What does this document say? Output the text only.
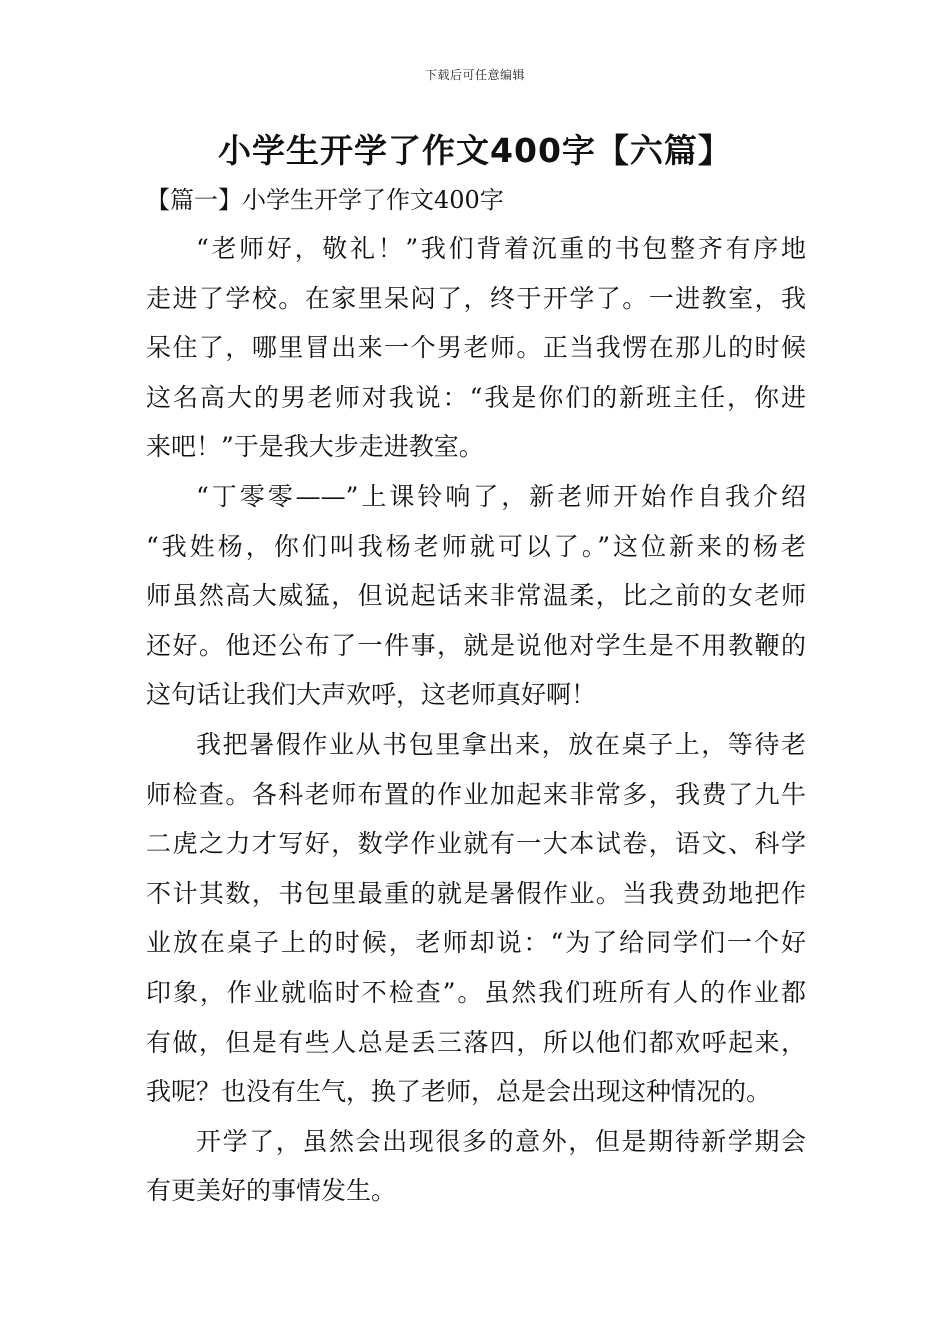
下载后可任意编辑
小学生开学了作文400字【六篇】
【篇一】小学生开学了作文400字
“老师好，敬礼！”我们背着沉重的书包整齐有序地
走进了学校。在家里呆闷了，终于开学了。一进教室，我
呆住了，哪里冒出来一个男老师。正当我愣在那儿的时候
这名高大的男老师对我说：“我是你们的新班主任，你进
来吧！”于是我大步走进教室。
“丁零零——”上课铃响了，新老师开始作自我介绍
“我姓杨，你们叫我杨老师就可以了。”这位新来的杨老
师虽然高大威猛，但说起话来非常温柔，比之前的女老师
还好。他还公布了一件事，就是说他对学生是不用教鞭的
这句话让我们大声欢呼，这老师真好啊！
我把暑假作业从书包里拿出来，放在桌子上，等待老
师检查。各科老师布置的作业加起来非常多，我费了九牛
二虎之力才写好，数学作业就有一大本试卷，语文、科学
不计其数，书包里最重的就是暑假作业。当我费劲地把作
业放在桌子上的时候，老师却说：“为了给同学们一个好
印象，作业就临时不检查”。虽然我们班所有人的作业都
有做，但是有些人总是丢三落四，所以他们都欢呼起来，
我呢？也没有生气，换了老师，总是会出现这种情况的。
开学了，虽然会出现很多的意外，但是期待新学期会
有更美好的事情发生。
